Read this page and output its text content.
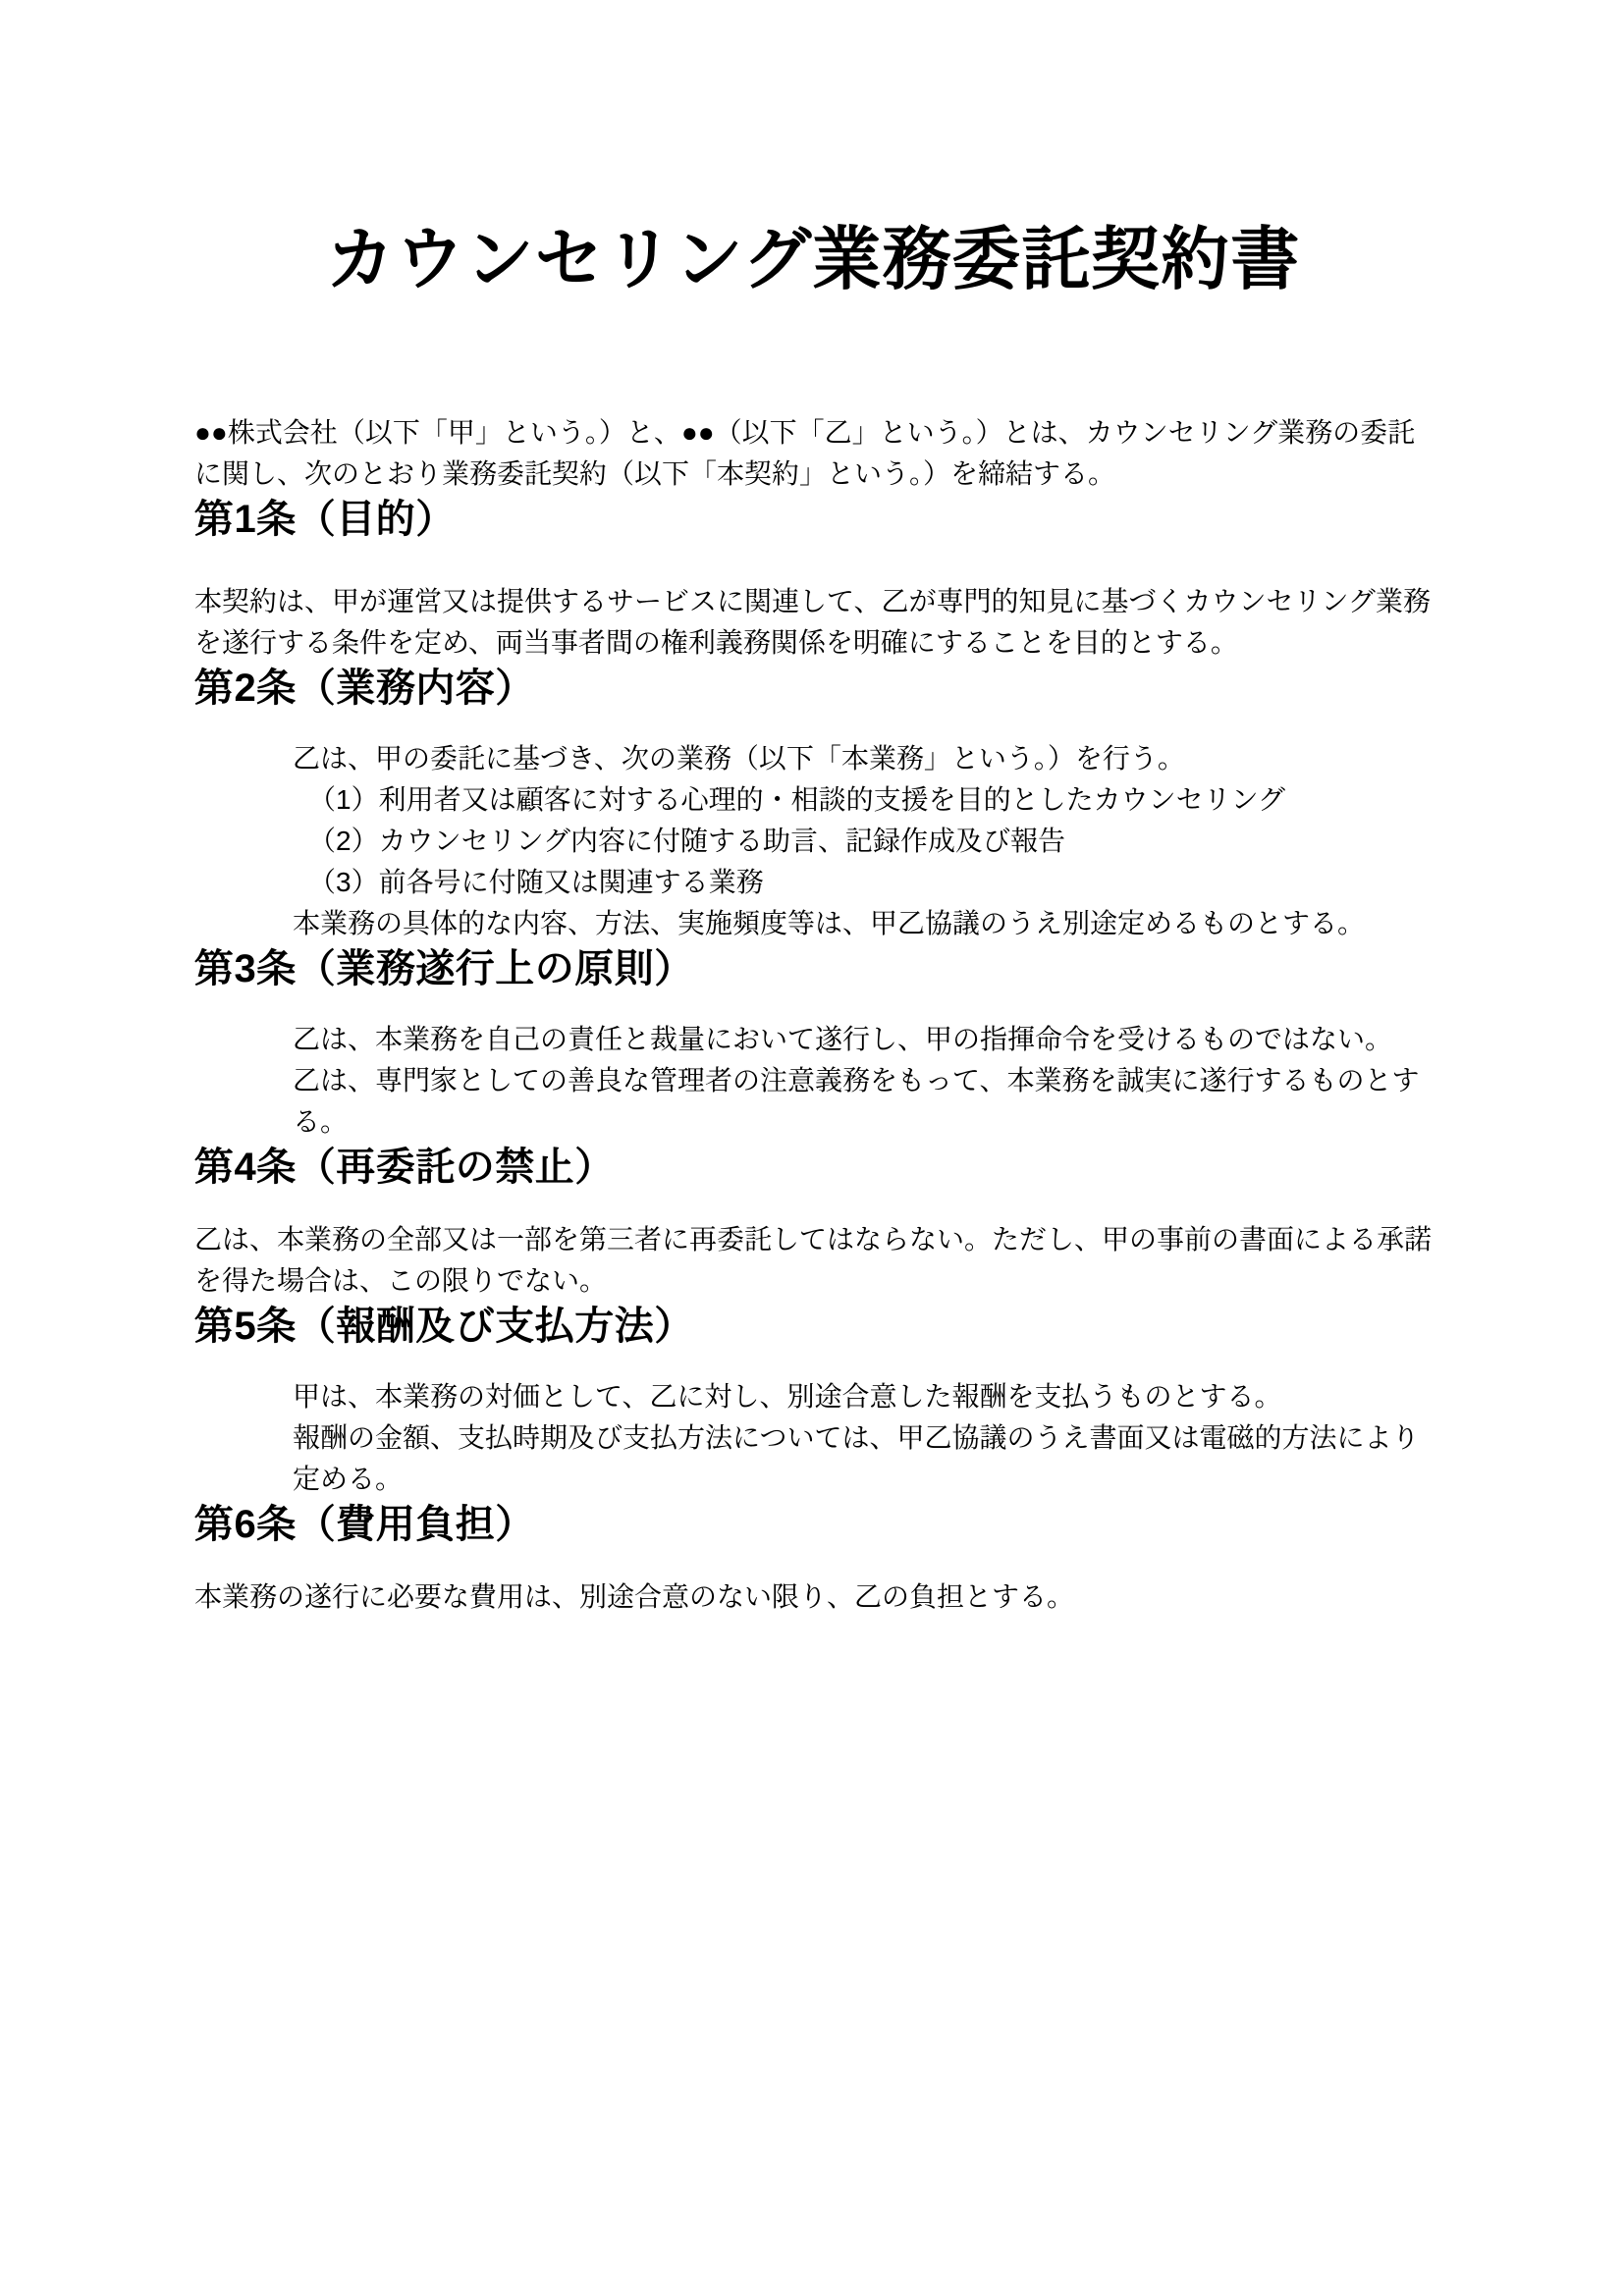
カウンセリング業務委託契約書

●●株式会社（以下「甲」という。）と、●●（以下「乙」という。）とは、カウンセリング業務の委託に関し、次のとおり業務委託契約（以下「本契約」という。）を締結する。

第1条（目的）

本契約は、甲が運営又は提供するサービスに関連して、乙が専門的知見に基づくカウンセリング業務を遂行する条件を定め、両当事者間の権利義務関係を明確にすることを目的とする。

第2条（業務内容）

乙は、甲の委託に基づき、次の業務（以下「本業務」という。）を行う。

（1）利用者又は顧客に対する心理的・相談的支援を目的としたカウンセリング

（2）カウンセリング内容に付随する助言、記録作成及び報告

（3）前各号に付随又は関連する業務

本業務の具体的な内容、方法、実施頻度等は、甲乙協議のうえ別途定めるものとする。

第3条（業務遂行上の原則）

乙は、本業務を自己の責任と裁量において遂行し、甲の指揮命令を受けるものではない。

乙は、専門家としての善良な管理者の注意義務をもって、本業務を誠実に遂行するものとする。

第4条（再委託の禁止）

乙は、本業務の全部又は一部を第三者に再委託してはならない。ただし、甲の事前の書面による承諾を得た場合は、この限りでない。

第5条（報酬及び支払方法）

甲は、本業務の対価として、乙に対し、別途合意した報酬を支払うものとする。

報酬の金額、支払時期及び支払方法については、甲乙協議のうえ書面又は電磁的方法により定める。

第6条（費用負担）

本業務の遂行に必要な費用は、別途合意のない限り、乙の負担とする。
